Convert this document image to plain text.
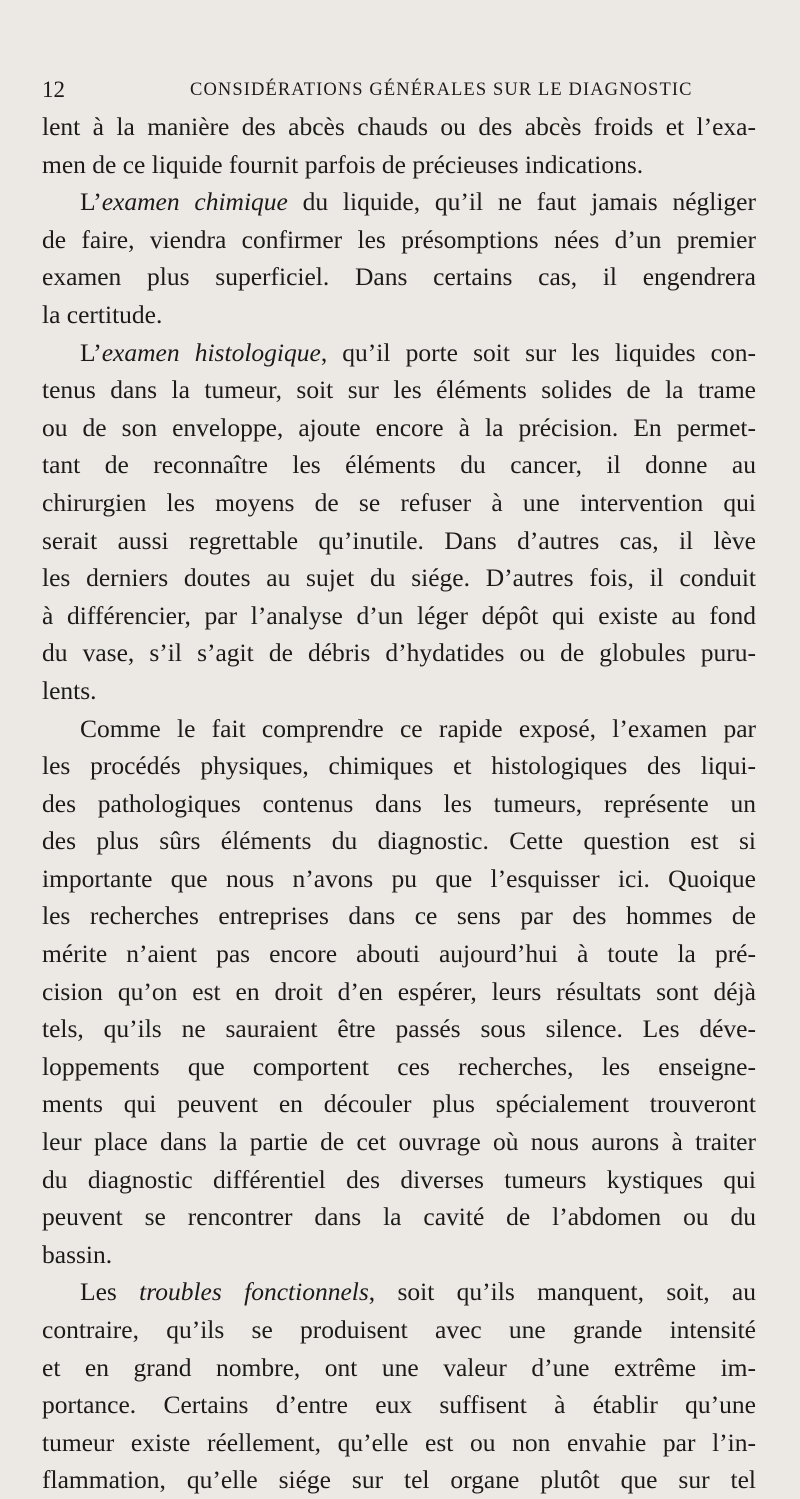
12	CONSIDÉRATIONS GÉNÉRALES SUR LE DIAGNOSTIC

lent à la manière des abcès chauds ou des abcès froids et l’exa-
men de ce liquide fournit parfois de précieuses indications.

L’examen chimique du liquide, qu’il ne faut jamais négliger
de faire, viendra confirmer les présomptions nées d’un premier
examen plus superficiel. Dans certains cas, il engendrera
la certitude.

L’examen histologique, qu’il porte soit sur les liquides con-
tenus dans la tumeur, soit sur les éléments solides de la trame
ou de son enveloppe, ajoute encore à la précision. En permet-
tant de reconnaître les éléments du cancer, il donne au
chirurgien les moyens de se refuser à une intervention qui
serait aussi regrettable qu’inutile. Dans d’autres cas, il lève
les derniers doutes au sujet du siége. D’autres fois, il conduit
à différencier, par l’analyse d’un léger dépôt qui existe au fond
du vase, s’il s’agit de débris d’hydatides ou de globules puru-
lents.

Comme le fait comprendre ce rapide exposé, l’examen par
les procédés physiques, chimiques et histologiques des liqui-
des pathologiques contenus dans les tumeurs, représente un
des plus sûrs éléments du diagnostic. Cette question est si
importante que nous n’avons pu que l’esquisser ici. Quoique
les recherches entreprises dans ce sens par des hommes de
mérite n’aient pas encore abouti aujourd’hui à toute la pré-
cision qu’on est en droit d’en espérer, leurs résultats sont déjà
tels, qu’ils ne sauraient être passés sous silence. Les déve-
loppements que comportent ces recherches, les enseigne-
ments qui peuvent en découler plus spécialement trouveront
leur place dans la partie de cet ouvrage où nous aurons à traiter
du diagnostic différentiel des diverses tumeurs kystiques qui
peuvent se rencontrer dans la cavité de l’abdomen ou du
bassin.

Les troubles fonctionnels, soit qu’ils manquent, soit, au
contraire, qu’ils se produisent avec une grande intensité
et en grand nombre, ont une valeur d’une extrême im-
portance. Certains d’entre eux suffisent à établir qu’une
tumeur existe réellement, qu’elle est ou non envahie par l’in-
flammation, qu’elle siége sur tel organe plutôt que sur tel
